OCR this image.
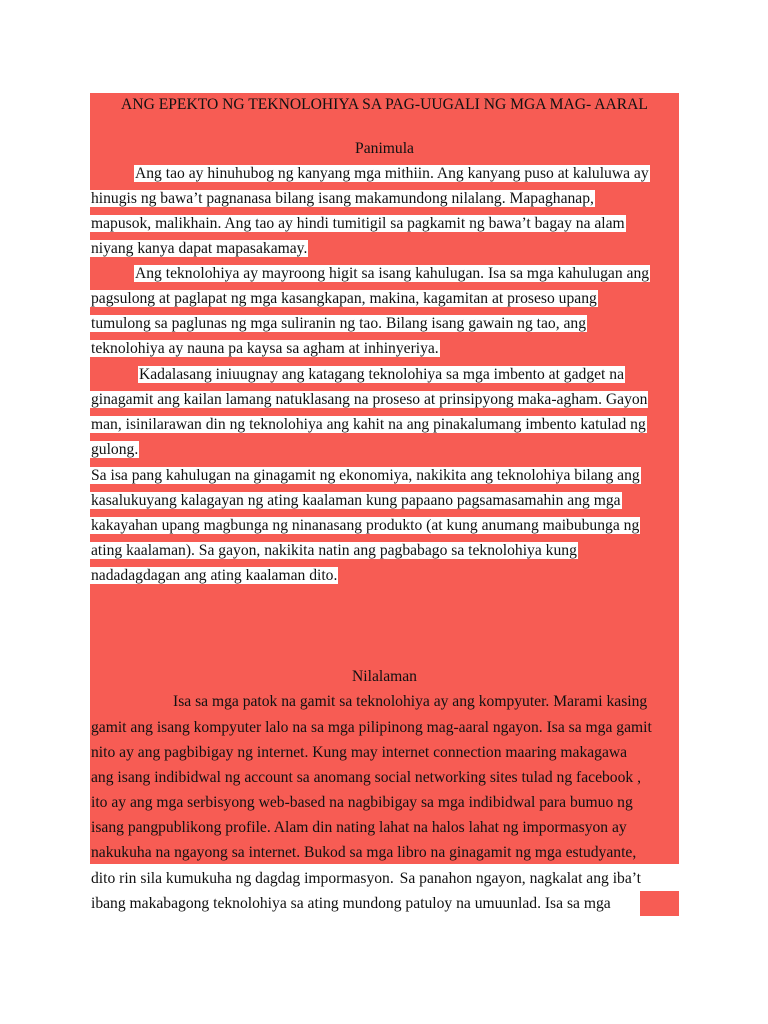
ANG EPEKTO NG TEKNOLOHIYA SA PAG-UUGALI NG MGA MAG- AARAL
Panimula
Ang tao ay hinuhubog ng kanyang mga mithiin. Ang kanyang puso at kaluluwa ay
hinugis ng bawa’t pagnanasa bilang isang makamundong nilalang. Mapaghanap,
mapusok, malikhain. Ang tao ay hindi tumitigil sa pagkamit ng bawa’t bagay na alam
niyang kanya dapat mapasakamay.
Ang teknolohiya ay mayroong higit sa isang kahulugan. Isa sa mga kahulugan ang
pagsulong at paglapat ng mga kasangkapan, makina, kagamitan at proseso upang
tumulong sa paglunas ng mga suliranin ng tao. Bilang isang gawain ng tao, ang
teknolohiya ay nauna pa kaysa sa agham at inhinyeriya.
Kadalasang iniuugnay ang katagang teknolohiya sa mga imbento at gadget na
ginagamit ang kailan lamang natuklasang na proseso at prinsipyong maka-agham. Gayon
man, isinilarawan din ng teknolohiya ang kahit na ang pinakalumang imbento katulad ng
gulong.
Sa isa pang kahulugan na ginagamit ng ekonomiya, nakikita ang teknolohiya bilang ang
kasalukuyang kalagayan ng ating kaalaman kung papaano pagsamasamahin ang mga
kakayahan upang magbunga ng ninanasang produkto (at kung anumang maibubunga ng
ating kaalaman). Sa gayon, nakikita natin ang pagbabago sa teknolohiya kung
nadadagdagan ang ating kaalaman dito.
Nilalaman
Isa sa mga patok na gamit sa teknolohiya ay ang kompyuter. Marami kasing
gamit ang isang kompyuter lalo na sa mga pilipinong mag-aaral ngayon. Isa sa mga gamit
nito ay ang pagbibigay ng internet. Kung may internet connection maaring makagawa
ang isang indibidwal ng account sa anomang social networking sites tulad ng facebook ,
ito ay ang mga serbisyong web-based na nagbibigay sa mga indibidwal para bumuo ng
isang pangpublikong profile. Alam din nating lahat na halos lahat ng impormasyon ay
nakukuha na ngayong sa internet. Bukod sa mga libro na ginagamit ng mga estudyante,
dito rin sila kumukuha ng dagdag impormasyon. Sa panahon ngayon, nagkalat ang iba’t
ibang makabagong teknolohiya sa ating mundong patuloy na umuunlad. Isa sa mga
